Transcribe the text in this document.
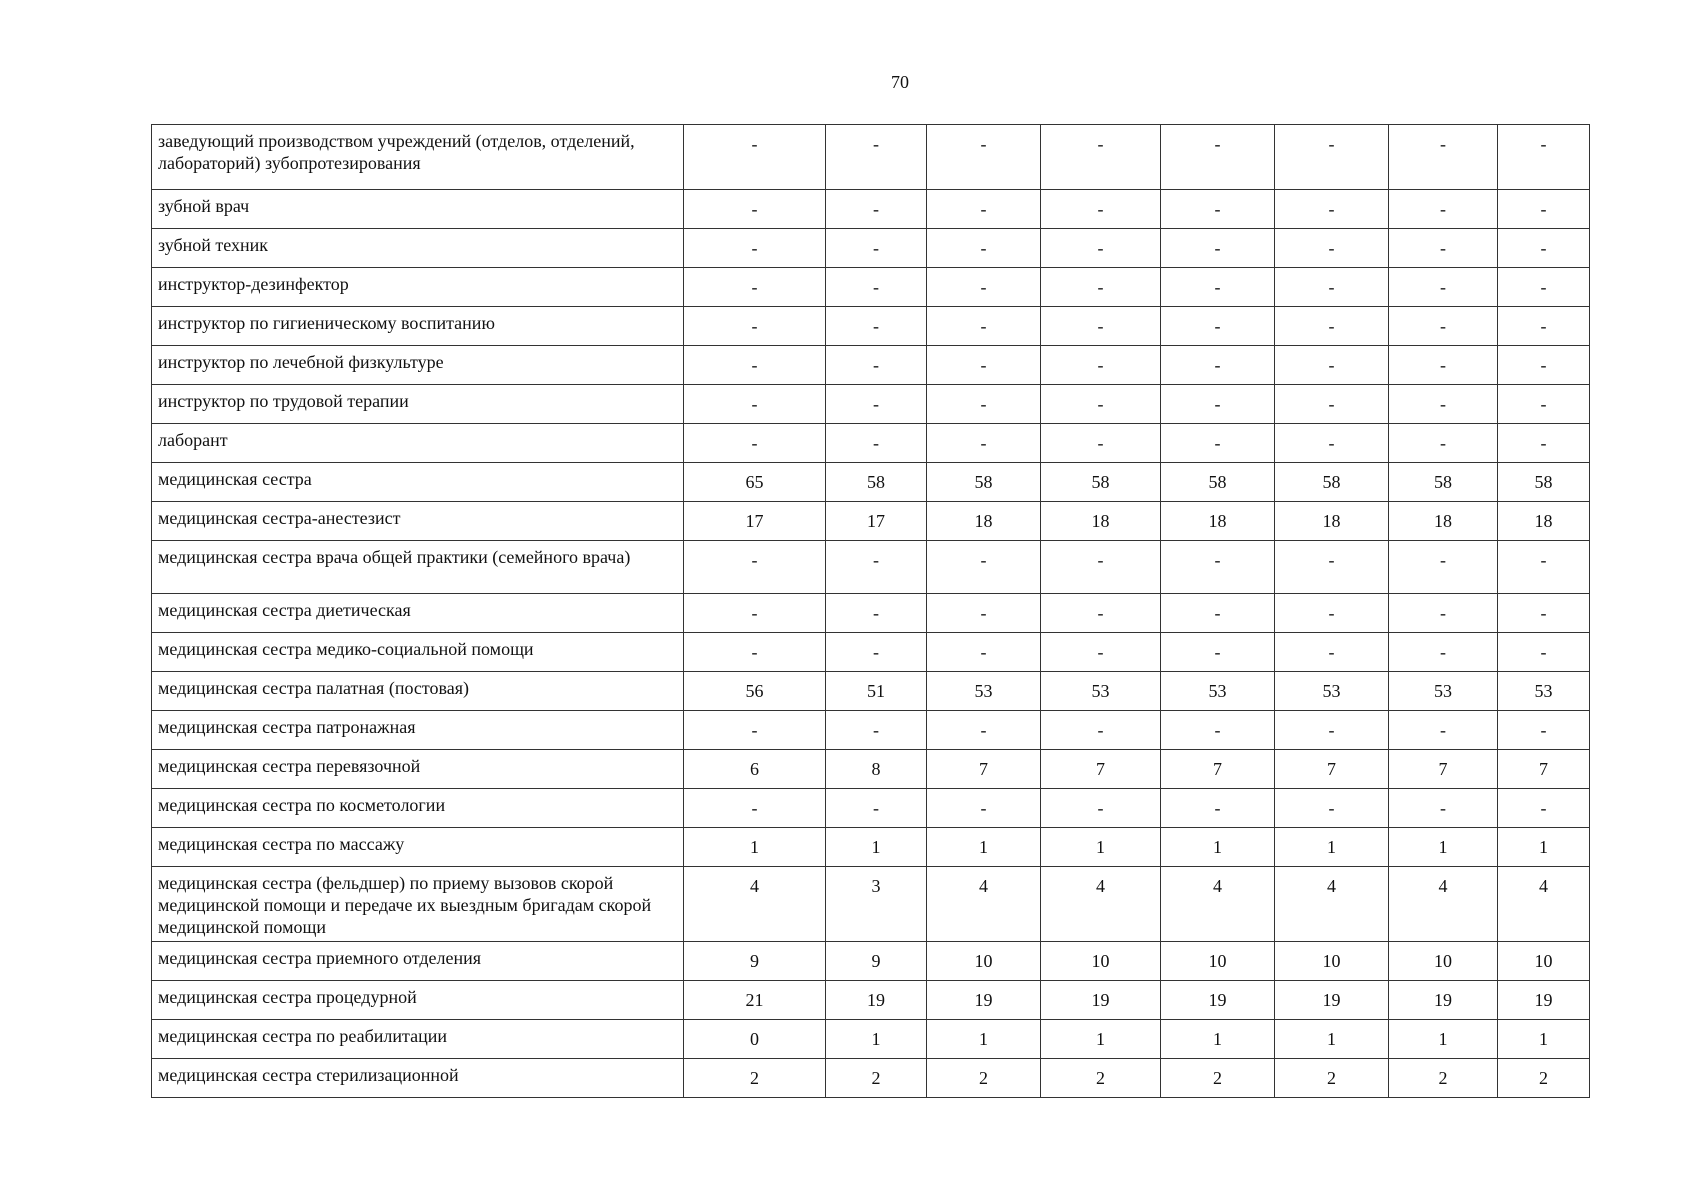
70
заведующий производством учреждений (отделов, отделений, лабораторий) зубопротезирования	-	-	-	-	-	-	-	-
зубной врач	-	-	-	-	-	-	-	-
зубной техник	-	-	-	-	-	-	-	-
инструктор-дезинфектор	-	-	-	-	-	-	-	-
инструктор по гигиеническому воспитанию	-	-	-	-	-	-	-	-
инструктор по лечебной физкультуре	-	-	-	-	-	-	-	-
инструктор по трудовой терапии	-	-	-	-	-	-	-	-
лаборант	-	-	-	-	-	-	-	-
медицинская сестра	65	58	58	58	58	58	58	58
медицинская сестра-анестезист	17	17	18	18	18	18	18	18
медицинская сестра врача общей практики (семейного врача)	-	-	-	-	-	-	-	-
медицинская сестра диетическая	-	-	-	-	-	-	-	-
медицинская сестра медико-социальной помощи	-	-	-	-	-	-	-	-
медицинская сестра палатная (постовая)	56	51	53	53	53	53	53	53
медицинская сестра патронажная	-	-	-	-	-	-	-	-
медицинская сестра перевязочной	6	8	7	7	7	7	7	7
медицинская сестра по косметологии	-	-	-	-	-	-	-	-
медицинская сестра по массажу	1	1	1	1	1	1	1	1
медицинская сестра (фельдшер) по приему вызовов скорой медицинской помощи и передаче их выездным бригадам скорой медицинской помощи	4	3	4	4	4	4	4	4
медицинская сестра приемного отделения	9	9	10	10	10	10	10	10
медицинская сестра процедурной	21	19	19	19	19	19	19	19
медицинская сестра по реабилитации	0	1	1	1	1	1	1	1
медицинская сестра стерилизационной	2	2	2	2	2	2	2	2
